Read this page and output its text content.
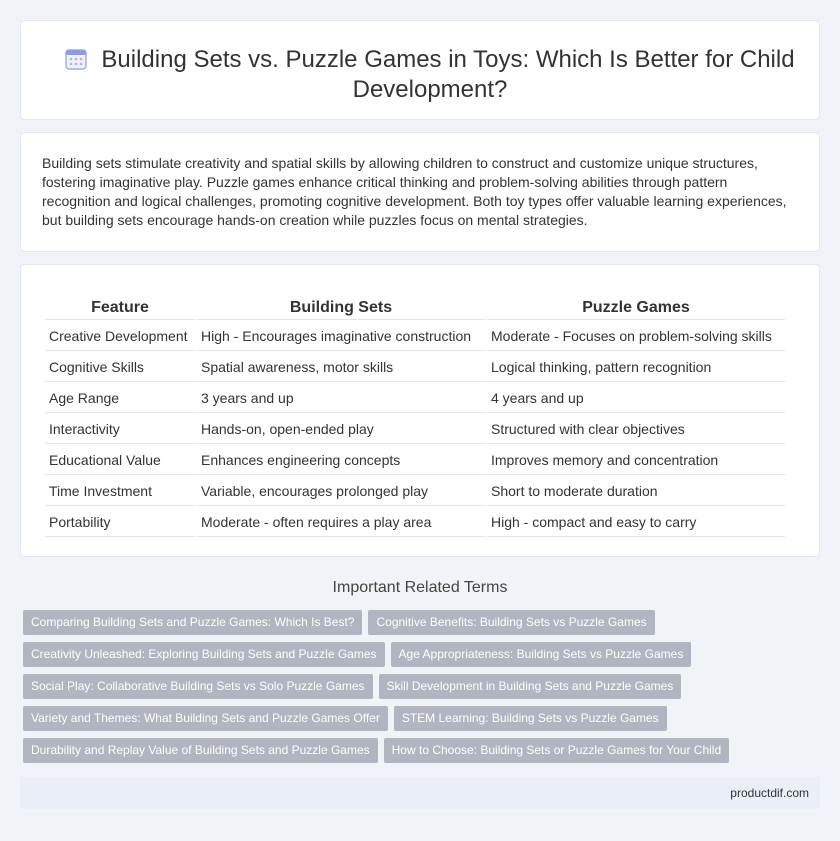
Building Sets vs. Puzzle Games in Toys: Which Is Better for Child Development?

Building sets stimulate creativity and spatial skills by allowing children to construct and customize unique structures, fostering imaginative play. Puzzle games enhance critical thinking and problem-solving abilities through pattern recognition and logical challenges, promoting cognitive development. Both toy types offer valuable learning experiences, but building sets encourage hands-on creation while puzzles focus on mental strategies.

Feature	Building Sets	Puzzle Games
Creative Development	High - Encourages imaginative construction	Moderate - Focuses on problem-solving skills
Cognitive Skills	Spatial awareness, motor skills	Logical thinking, pattern recognition
Age Range	3 years and up	4 years and up
Interactivity	Hands-on, open-ended play	Structured with clear objectives
Educational Value	Enhances engineering concepts	Improves memory and concentration
Time Investment	Variable, encourages prolonged play	Short to moderate duration
Portability	Moderate - often requires a play area	High - compact and easy to carry
Important Related Terms
Comparing Building Sets and Puzzle Games: Which Is Best? Cognitive Benefits: Building Sets vs Puzzle Games
Creativity Unleashed: Exploring Building Sets and Puzzle Games Age Appropriateness: Building Sets vs Puzzle Games
Social Play: Collaborative Building Sets vs Solo Puzzle Games Skill Development in Building Sets and Puzzle Games
Variety and Themes: What Building Sets and Puzzle Games Offer STEM Learning: Building Sets vs Puzzle Games
Durability and Replay Value of Building Sets and Puzzle Games How to Choose: Building Sets or Puzzle Games for Your Child
productdif.com
